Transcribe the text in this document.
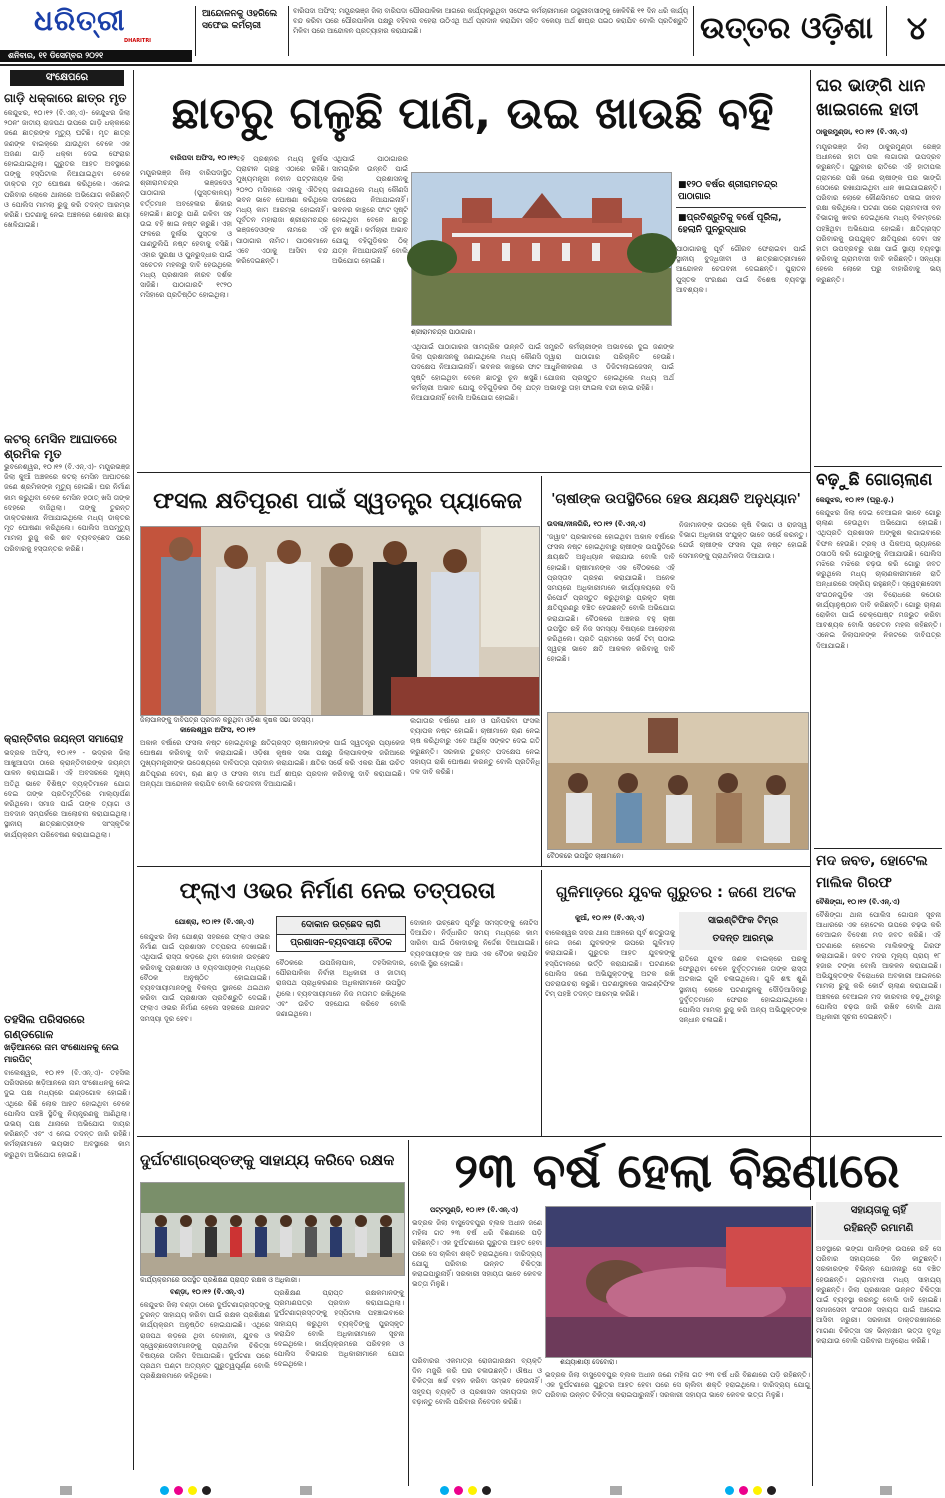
ଧରିତ୍ରୀ
DHARITRI
ଶନିବାର, ୧୧ ଡିସେମ୍ବର ୨୦୨୧
ଆନ୍ଦୋଳନକୁ ଓହରିଲେ ସଫେଇ କର୍ମଚାରୀ
ବାରିପଦା ଅଫିସ୍: ମୟୂରଭଞ୍ଜ ଜିଲା ବାରିପଦା ପୌରପାଳିକା ଆଗରେ କାର୍ଯ୍ୟକରୁଥିବା ସଫେଇ କର୍ମଚାରୀମାନେ ଉଜୁରୀବାସୀଙ୍କୁ ଖେଳିବିଛି ୧୧ ଦିନ ଧରି କାର୍ଯ୍ୟ ବନ୍ଦ କରିବା ପରେ ପୌରପାଳିକା ପକ୍ଷରୁ ବହିବାର ବହେରା ଉଠିଏଥି ଅର୍ଥ ପ୍ରଦାନ କରାଯିବା ସହିତ ବକେୟା ଅର୍ଥ ଶୀଘ୍ର ପଇଠ କରାଯିବ ବୋଲି ପ୍ରତିଶ୍ରୁତି ମିଳିବା ପରେ ଆନ୍ଦୋଳନ ପ୍ରତ୍ୟାହାର କରାଯାଇଛି।	ଉତ୍ତର ଓଡ଼ିଶା	୪
ସଂକ୍ଷେପରେ
ଗାଡ଼ି ଧକ୍କାରେ ଛାତ୍ର ମୃତ
କେନ୍ଦୁଝର, ୧୦।୧୨ (ବି.ଏନ୍.ଏ)- କେନ୍ଦୁଝର ଜିଲା ୨୦ନଂ ଜାତୀୟ ରାଜପଥ ଉପରେ ଗାଡ଼ି ଧକ୍କାରେ ଜଣେ ଛାତ୍ରଙ୍କ ମୃତ୍ୟୁ ଘଟିଛି। ମୃତ ଛାତ୍ର ଜଣଙ୍କ ବାଇକ୍‌ରେ ଯାଉଥିବା ବେଳେ ଏକ ଅଜଣା ଗାଡ଼ି ଧକ୍କା ଦେଇ ଫେରାର ହୋଇଯାଇଥିଲା। ଗୁରୁତର ଆହତ ଅବସ୍ଥାରେ ତାଙ୍କୁ ହସ୍ପିଟାଲ ନିଆଯାଇଥିବା ବେଳେ ଡାକ୍ତର ମୃତ ଘୋଷଣା କରିଥିଲେ। ଏନେଇ ପରିବାର ଲୋକେ ଥାନାରେ ଅଭିଯୋଗ କରିଛନ୍ତି ଓ ପୋଲିସ ମାମଲା ରୁଜୁ କରି ତଦନ୍ତ ଆରମ୍ଭ କରିଛି। ଘଟଣାକୁ ନେଇ ଅଞ୍ଚଳରେ ଶୋକର ଛାୟା ଖେଳିଯାଇଛି।
କଟର୍ ମେସିନ ଆଘାତରେ ଶ୍ରମିକ ମୃତ
ଭୁବନେଶ୍ୱର, ୧୦।୧୨ (ବି.ଏନ୍.ଏ)- ମୟୂରଭଞ୍ଜ ଜିଲା କୁଆଁ ଅଞ୍ଚଳରେ କଟର୍ ମେସିନ ଆଘାତରେ ଜଣେ ଶ୍ରମିକଙ୍କ ମୃତ୍ୟୁ ହୋଇଛି। ଘର ନିର୍ମାଣ କାମ କରୁଥିବା ବେଳେ ମେସିନ ହଠାତ୍ ଖସି ତାଙ୍କ ଦେହରେ ବାଜିଥିଲା। ତାଙ୍କୁ ତୁରନ୍ତ ଡାକ୍ତରଖାନା ନିଆଯାଇଥିଲେ ମଧ୍ୟ ଡାକ୍ତର ମୃତ ଘୋଷଣା କରିଥିଲେ। ପୋଲିସ ଅପମୃତ୍ୟୁ ମାମଲା ରୁଜୁ କରି ଶବ ବ୍ୟବଚ୍ଛେଦ ପରେ ପରିବାରକୁ ହସ୍ତାନ୍ତର କରିଛି।
କ୍ରାନ୍ତିବୀର ଜୟନ୍ତୀ ସମାରୋହ
ଭଦ୍ରକ ଅଫିସ୍, ୧୦।୧୨ - ଭଦ୍ରକ ଜିଲା ଆଖୁଆପଦା ଠାରେ କ୍ରାନ୍ତିବୀରଙ୍କ ଜୟନ୍ତୀ ପାଳନ କରାଯାଇଛି। ଏହି ଅବସରରେ ମୁଖ୍ୟ ଅତିଥି ଭାବେ ବିଶିଷ୍ଟ ବ୍ୟକ୍ତିମାନେ ଯୋଗ ଦେଇ ତାଙ୍କ ପ୍ରତିମୂର୍ତ୍ତିରେ ମାଲ୍ୟାର୍ପଣ କରିଥିଲେ। ସମାଜ ପାଇଁ ତାଙ୍କ ତ୍ୟାଗ ଓ ଅବଦାନ ସମ୍ପର୍କରେ ଆଲୋଚନା କରାଯାଇଥିଲା। ସ୍ଥାନୀୟ ଛାତ୍ରଛାତ୍ରୀଙ୍କ ସାଂସ୍କୃତିକ କାର୍ଯ୍ୟକ୍ରମ ପରିବେଷଣ କରାଯାଇଥିଲା।
ତହସିଲ ପରିସରରେ ଗଣ୍ଡଗୋଳ
ଖଡ଼ିଆନରେ ନାମ ସଂଶୋଧନକୁ ନେଇ ମାରପିଟ୍
ବାଲେଶ୍ୱର, ୧୦।୧୨ (ବି.ଏନ୍.ଏ)- ତହସିଲ ପରିସରରେ ଖଡ଼ିଆନରେ ନାମ ସଂଶୋଧନକୁ ନେଇ ଦୁଇ ପକ୍ଷ ମଧ୍ୟରେ ଗଣ୍ଡଗୋଳ ହୋଇଛି। ଏଥିରେ କିଛି ଲୋକ ଆହତ ହୋଇଥିବା ବେଳେ ପୋଲିସ ପହଞ୍ଚି ସ୍ଥିତିକୁ ନିୟନ୍ତ୍ରଣକୁ ଆଣିଥିଲା। ଉଭୟ ପକ୍ଷ ଥାନାରେ ଅଭିଯୋଗ ଦାୟର କରିଛନ୍ତି ଏବଂ ଏ ନେଇ ତଦନ୍ତ ଜାରି ରହିଛି। କର୍ମଚାରୀମାନେ ଭୟଭୀତ ଅବସ୍ଥାରେ କାମ କରୁଥିବା ଅଭିଯୋଗ ହୋଇଛି।
ଛାତରୁ ଗଳୁଛି ପାଣି, ଉଇ ଖାଉଛି ବହି
ବାରିପଦା ଅଫିସ, ୧୦।୧୨
ମୟୂରଭଞ୍ଜ ଜିଲା ବାରିପଦାସ୍ଥିତ ଶ୍ରୀରାମଚନ୍ଦ୍ର ଭଞ୍ଜଦେଓ ପାଠାଗାର (ପୁସ୍ତକାଳୟ) ବର୍ତ୍ତମାନ ଅବହେଳାର ଶିକାର ହୋଇଛି। ଛାତରୁ ପାଣି ଗଳିବା ସହ ଉଇ ବହି ଖାଇ ନଷ୍ଟ କରୁଛି। ଏହା ଫଳରେ ଦୁର୍ଲଭ ପୁସ୍ତକ ଓ ପାଣ୍ଡୁଲିପି ନଷ୍ଟ ହେବାକୁ ବସିଛି। ଏହାର ସୁରକ୍ଷା ଓ ପୁନରୁଦ୍ଧାର ପାଇଁ ସଚେତନ ମହଲରୁ ଦାବି ହେଉଥିଲେ ମଧ୍ୟ ପ୍ରଶାସନ ନୀରବ ଦର୍ଶକ ସାଜିଛି। ପାଠାଗାରଟି ୧୯୨୦ ମସିହାରେ ପ୍ରତିଷ୍ଠିତ ହୋଇଥିଲା।
ବହି ପ୍ରଶ୍ନର ମଧ୍ୟ ଦୁର୍ଲଭ ପ୍ରାଚୀନ ଗ୍ରନ୍ଥ ଏଠାରେ ରହିଛି। ମୁଖ୍ୟମନ୍ତ୍ରୀ ନବୀନ ପଟ୍ଟନାୟକ ୨୦୨୦ ମସିହାରେ ଏହାକୁ ଐତିହ୍ୟ ଭବନ ଭାବେ ଘୋଷଣା କରିଥିଲେ ମଧ୍ୟ କାମ ଆରମ୍ଭ ହୋଇନାହିଁ। ପୂର୍ବତନ ମହାରାଜା ଶ୍ରୀରାମଚନ୍ଦ୍ର ଭଞ୍ଜଦେଓଙ୍କ ନାମରେ ଏହି ପାଠାଗାର ନାମିତ। ପାଠକମାନେ ଏବେ ଏଠାକୁ ଆସିବା ବନ୍ଦ କରିଦେଇଛନ୍ତି।
ଏଥିପାଇଁ ପାଠାଗାରର ସାମଗ୍ରିକ ଉନ୍ନତି ପାଇଁ ଜିଲା ପ୍ରଶାସନକୁ ଜଣାଇଥିଲେ ମଧ୍ୟ କୌଣସି ପଦକ୍ଷେପ ନିଆଯାଇନାହିଁ। ଭବନର କାନ୍ଥରେ ଫାଟ ସୃଷ୍ଟି ହୋଇଥିବା ବେଳେ ଛାତରୁ ଚୂନ ଖସୁଛି। କର୍ମଚାରୀ ଅଭାବ ଯୋଗୁ ବହିଗୁଡ଼ିକର ଠିକ୍ ଯତ୍ନ ନିଆଯାଉନାହିଁ ବୋଲି ଅଭିଯୋଗ ହୋଇଛି।
ଶ୍ରୀରାମଚନ୍ଦ୍ର ପାଠାଗାର।
■୧୨୦ ବର୍ଷର ଶ୍ରୀରାମଚନ୍ଦ୍ର ପାଠାଗାର
■ପ୍ରତିଶ୍ରୁତିକୁ ବର୍ଷେ ପୂରିଲା, ହେଲାନି ପୁନରୁଦ୍ଧାର
ସମ୍ପ୍ରତି କର୍ମଚାରୀଙ୍କ ଅଭାବରେ ଦୁଇ ଜଣଙ୍କ ଦ୍ୱାରା ପାଠାଗାର ପରିଚାଳିତ ହେଉଛି। ଆଧୁନିକୀକରଣ ଓ ଡିଜିଟାଲାଇଜେସନ୍ ପାଇଁ ଯୋଜନା ପ୍ରସ୍ତୁତ ହୋଇଥିଲେ ମଧ୍ୟ ଅର୍ଥ ଅଭାବରୁ ତାହା ଫାଇଲ ବନ୍ଦୀ ହୋଇ ରହିଛି।
ପାଠାଗାରକୁ ପୂର୍ବ ଗୌରବ ଫେରାଇବା ପାଇଁ ସ୍ଥାନୀୟ ବୁଦ୍ଧିଜୀବୀ ଓ ଛାତ୍ରଛାତ୍ରୀମାନେ ଆନ୍ଦୋଳନ ଚେତାବନୀ ଦେଇଛନ୍ତି। ପୁରାତନ ପୁସ୍ତକ ସଂରକ୍ଷଣ ପାଇଁ ବିଶେଷ ବ୍ୟବସ୍ଥା ଆବଶ୍ୟକ।
ଏଥିପାଇଁ ପାଠାଗାରର ସାମଗ୍ରିକ ଉନ୍ନତି ପାଇଁ ଜିଲା ପ୍ରଶାସନକୁ ଜଣାଇଥିଲେ ମଧ୍ୟ କୌଣସି ପଦକ୍ଷେପ ନିଆଯାଇନାହିଁ। ଭବନର କାନ୍ଥରେ ଫାଟ ସୃଷ୍ଟି ହୋଇଥିବା ବେଳେ ଛାତରୁ ଚୂନ ଖସୁଛି। କର୍ମଚାରୀ ଅଭାବ ଯୋଗୁ ବହିଗୁଡ଼ିକର ଠିକ୍ ଯତ୍ନ ନିଆଯାଉନାହିଁ ବୋଲି ଅଭିଯୋଗ ହୋଇଛି।
ଘର ଭାଙ୍ଗି ଧାନ ଖାଇଗଲେ ହାତୀ
ଠାକୁରମୁଣ୍ଡା, ୧୦।୧୨ (ବି.ଏନ୍.ଏ)
ମୟୂରଭଞ୍ଜ ଜିଲା ଠାକୁରମୁଣ୍ଡା ରେଞ୍ଜ ଅଧୀନରେ ହାତୀ ପଲ ଲଗାତାର ଉପଦ୍ରବ କରୁଛନ୍ତି। ଗୁରୁବାର ରାତିରେ ଏହି ହାତୀପଲ ଗ୍ରାମରେ ପଶି ଜଣେ ଚାଷୀଙ୍କ ଘର ଭାଙ୍ଗି ସେଠାରେ ରଖାଯାଇଥିବା ଧାନ ଖାଇଯାଇଛନ୍ତି। ପରିବାର ଲୋକେ କୌଣସିମତେ ପଳାଇ ଜୀବନ ରକ୍ଷା କରିଥିଲେ। ଘଟଣା ପରେ ଗ୍ରାମବାସୀ ବନ ବିଭାଗକୁ ଖବର ଦେଇଥିଲେ ମଧ୍ୟ ବିଳମ୍ବରେ ପହଞ୍ଚିଥିବା ଅଭିଯୋଗ ହୋଇଛି। କ୍ଷତିଗ୍ରସ୍ତ ପରିବାରକୁ ଉପଯୁକ୍ତ କ୍ଷତିପୂରଣ ଦେବା ସହ ହାତୀ ଉପଦ୍ରବରୁ ରକ୍ଷା ପାଇଁ ସ୍ଥାୟୀ ବ୍ୟବସ୍ଥା କରିବାକୁ ଗ୍ରାମବାସୀ ଦାବି କରିଛନ୍ତି। ସନ୍ଧ୍ୟା ହେଲେ ଲୋକେ ଘରୁ ବାହାରିବାକୁ ଭୟ କରୁଛନ୍ତି।
ବଢ଼ୁଛି ଗୋଚାଲାଣ
କେନ୍ଦୁଝର, ୧୦।୧୨ (ଘ୍ରୂ.ନୁ.)
କେନ୍ଦୁଝର ଜିଲା ଦେଇ ବେଆଇନ ଭାବେ ଗୋରୁ ଚାଲାଣ ହେଉଥିବା ଅଭିଯୋଗ ହୋଇଛି। ଏଥିପ୍ରତି ପ୍ରଶାସନ ଅଙ୍କୁଶ ଲଗାଇବାରେ ବିଫଳ ହେଉଛି। ଟ୍ରକ୍ ଓ ପିକଅପ୍ ଭ୍ୟାନରେ ଠସାଠସି କରି ଗୋରୁଙ୍କୁ ନିଆଯାଉଛି। ପୋଲିସ ମଝିରେ ମଝିରେ ଚଢ଼ଉ କରି ଗୋରୁ ଜବତ କରୁଥିଲେ ମଧ୍ୟ ଚାଲାଣକାରୀମାନେ ରାତି ଅନ୍ଧାରରେ ସକ୍ରିୟ ରହୁଛନ୍ତି। ସ୍ୱେଚ୍ଛାସେବୀ ସଂଗଠନଗୁଡ଼ିକ ଏହା ବିରୋଧରେ କଠୋର କାର୍ଯ୍ୟାନୁଷ୍ଠାନ ଦାବି କରିଛନ୍ତି। ଗୋରୁ ଚାଲାଣ ରୋକିବା ପାଇଁ ଚେକ୍‌ପୋଷ୍ଟ ମଜଭୁତ କରିବା ଆବଶ୍ୟକ ବୋଲି ସଚେତନ ମହଲ କହିଛନ୍ତି। ଏନେଇ ଜିଲାପାଳଙ୍କ ନିକଟରେ ଦାବିପତ୍ର ଦିଆଯାଇଛି।
ମଦ ଜବତ, ହୋଟେଲ ମାଲିକ ଗିରଫ
ବୈଶିଙ୍ଗା, ୧୦।୧୨ (ବି.ଏନ୍.ଏ)
ବୈଶିଙ୍ଗା ଥାନା ପୋଲିସ ଗୋପନ ସୂଚନା ଆଧାରରେ ଏକ ହୋଟେଲ ଉପରେ ଚଢ଼ଉ କରି ବେଆଇନ ବିଦେଶୀ ମଦ ଜବତ କରିଛି। ଏହି ଘଟଣାରେ ହୋଟେଲ ମାଲିକଙ୍କୁ ଗିରଫ କରାଯାଇଛି। ଜବତ ମଦର ମୂଲ୍ୟ ପ୍ରାୟ ୧୮ ହଜାର ଟଙ୍କା ବୋଲି ଆକଳନ କରାଯାଇଛି। ଅଭିଯୁକ୍ତଙ୍କ ବିରୋଧରେ ଅବକାରୀ ଆଇନରେ ମାମଲା ରୁଜୁ କରି କୋର୍ଟ ଚାଲାଣ କରାଯାଇଛି। ଅଞ୍ଚଳରେ ବେଆଇନ ମଦ କାରବାର ବଢ଼ୁଥିବାରୁ ପୋଲିସ ଚଢ଼ଉ ଜାରି ରଖିବ ବୋଲି ଥାନା ଅଧିକାରୀ ସୂଚନା ଦେଇଛନ୍ତି।
ଫସଲ କ୍ଷତିପୂରଣ ପାଇଁ ସ୍ୱତନ୍ତ୍ର ପ୍ୟାକେଜ
ଜିଲାପାଳଙ୍କୁ ଦାବିପତ୍ର ପ୍ରଦାନ କରୁଥିବା ଓଡ଼ିଶା କୃଷକ ସଭା ସଦସ୍ୟ।
କାଲେଶ୍ୱର ଅଫିସ, ୧୦।୧୨
ଅକାଳ ବର୍ଷାରେ ଫସଲ ନଷ୍ଟ ହୋଇଥିବାରୁ କ୍ଷତିଗ୍ରସ୍ତ ଚାଷୀମାନଙ୍କ ପାଇଁ ସ୍ୱତନ୍ତ୍ର ପ୍ୟାକେଜ ଘୋଷଣା କରିବାକୁ ଦାବି କରାଯାଇଛି। ଓଡ଼ିଶା କୃଷକ ସଭା ପକ୍ଷରୁ ଜିଲାପାଳଙ୍କ ଜରିଆରେ ମୁଖ୍ୟମନ୍ତ୍ରୀଙ୍କ ଉଦ୍ଦେଶ୍ୟରେ ଦାବିପତ୍ର ପ୍ରଦାନ କରାଯାଇଛି। କ୍ଷତିର ସର୍ଭେ କରି ଏକର ପିଛା ଉଚିତ କ୍ଷତିପୂରଣ ଦେବା, ଋଣ ଛାଡ଼ ଓ ଫସଲ ବୀମା ଅର୍ଥ ଶୀଘ୍ର ପ୍ରଦାନ କରିବାକୁ ଦାବି କରାଯାଇଛି। ଅନ୍ୟଥା ଆନ୍ଦୋଳନ କରାଯିବ ବୋଲି ଚେତାବନୀ ଦିଆଯାଇଛି।
ଲଗାତାର ବର୍ଷାରେ ଧାନ ଓ ପନିପରିବା ଫସଲ ବ୍ୟାପକ ନଷ୍ଟ ହୋଇଛି। ଚାଷୀମାନେ ଋଣ ନେଇ ଚାଷ କରିଥିବାରୁ ଏବେ ଆର୍ଥିକ ସଙ୍କଟ ଦେଇ ଗତି କରୁଛନ୍ତି। ସରକାର ତୁରନ୍ତ ପଦକ୍ଷେପ ନେଇ ସହାୟତା ରାଶି ଘୋଷଣା କରନ୍ତୁ ବୋଲି ପ୍ରତିନିଧି ଦଳ ଦାବି କରିଛି।
'ଚାଷୀଙ୍କ ଉପସ୍ଥିତିରେ ହେଉ କ୍ଷୟକ୍ଷତି ଅନୁଧ୍ୟାନ'
ଉଦଳା/ନୀଳଗିରି, ୧୦।୧୨ (ବି.ଏନ୍.ଏ)
'ଜୱାଦ' ପ୍ରଭାବରେ ହୋଇଥିବା ଅକାଳ ବର୍ଷାରେ ଫସଲ ନଷ୍ଟ ହୋଇଥିବାରୁ ଚାଷୀଙ୍କ ଉପସ୍ଥିତିରେ କ୍ଷୟକ୍ଷତି ଅନୁଧ୍ୟାନ କରାଯାଉ ବୋଲି ଦାବି ହୋଇଛି। ଚାଷୀମାନଙ୍କ ଏକ ବୈଠକରେ ଏହି ପ୍ରସ୍ତାବ ଗ୍ରହଣ କରାଯାଇଛି। ଅନେକ ସମୟରେ ଅଧିକାରୀମାନେ କାର୍ଯ୍ୟାଳୟରେ ବସି ରିପୋର୍ଟ ପ୍ରସ୍ତୁତ କରୁଥିବାରୁ ପ୍ରକୃତ ଚାଷୀ କ୍ଷତିପୂରଣରୁ ବଞ୍ଚିତ ହେଉଛନ୍ତି ବୋଲି ଅଭିଯୋଗ କରାଯାଇଛି। ବୈଠକରେ ଅଞ୍ଚଳର ବହୁ ଚାଷୀ ଉପସ୍ଥିତ ରହି ନିଜ ସମସ୍ୟା ବିଷୟରେ ଆଲୋଚନା କରିଥିଲେ। ପ୍ରତି ଗ୍ରାମରେ ସର୍ଭେ ଟିମ୍ ପଠାଇ ସ୍ୱଚ୍ଛ ଭାବେ କ୍ଷତି ଆକଳନ କରିବାକୁ ଦାବି ହୋଇଛି।
ନିଜାମାନଙ୍କ ଉପରେ କୃଷି ବିଭାଗ ଓ ରାଜସ୍ୱ ବିଭାଗ ଅଧିକାରୀ ସଂଯୁକ୍ତ ଭାବେ ସର୍ଭେ କରନ୍ତୁ। ଯେଉଁ ଚାଷୀଙ୍କ ଫସଲ ପୂରା ନଷ୍ଟ ହୋଇଛି ସେମାନଙ୍କୁ ପ୍ରାଥମିକତା ଦିଆଯାଉ।
ବୈଠକରେ ଉପସ୍ଥିତ ଚାଷୀମାନେ।
ଫ୍ଲାଏ ଓଭର ନିର୍ମାଣ ନେଇ ତତ୍ପରତା
ଯୋଶ୍ରା, ୧୦।୧୨ (ବି.ଏନ୍.ଏ)	ଦୋକାନ ଉଚ୍ଛେଦ ଲାଗି
ପ୍ରଶାସନ-ବ୍ୟବସାୟୀ ବୈଠକ
କେନ୍ଦୁଝର ଜିଲା ଯୋଶ୍ରା ସହରରେ ଫ୍ଲାଏ ଓଭର ନିର୍ମାଣ ପାଇଁ ପ୍ରଶାସନ ତତ୍ପରତା ଦେଖାଇଛି। ଏଥିପାଇଁ ରାସ୍ତା କଡ଼ରେ ଥିବା ଦୋକାନ ଉଚ୍ଛେଦ କରିବାକୁ ପ୍ରଶାସନ ଓ ବ୍ୟବସାୟୀଙ୍କ ମଧ୍ୟରେ ବୈଠକ ଅନୁଷ୍ଠିତ ହୋଇଯାଇଛି। ବ୍ୟବସାୟୀମାନଙ୍କୁ ବିକଳ୍ପ ସ୍ଥାନରେ ଥଇଥାନ କରିବା ପାଇଁ ପ୍ରଶାସନ ପ୍ରତିଶ୍ରୁତି ଦେଇଛି। ଫ୍ଲାଏ ଓଭର ନିର୍ମାଣ ହେଲେ ସହରରେ ଯାନଜଟ ସମସ୍ୟା ଦୂର ହେବ।
ବୈଠକରେ ଉପଜିଲାପାଳ, ତହସିଲଦାର, ପୌରପାଳିକା ନିର୍ବାହୀ ଅଧିକାରୀ ଓ ଜାତୀୟ ରାଜପଥ ପ୍ରାଧିକରଣର ଅଧିକାରୀମାନେ ଉପସ୍ଥିତ ଥିଲେ। ବ୍ୟବସାୟୀମାନେ ନିଜ ମତାମତ ରଖିଥିଲେ ଏବଂ ଉଚିତ ସହଯୋଗ କରିବେ ବୋଲି ଜଣାଇଥିଲେ।
ଦୋକାନ ଉଚ୍ଛେଦ ପୂର୍ବରୁ ସମସ୍ତଙ୍କୁ ନୋଟିସ ଦିଆଯିବ। ନିର୍ଦ୍ଧାରିତ ସମୟ ମଧ୍ୟରେ କାମ ସାରିବା ପାଇଁ ଠିକାଦାରକୁ ନିର୍ଦ୍ଦେଶ ଦିଆଯାଇଛି। ବ୍ୟବସାୟୀଙ୍କ ସହ ଆଉ ଏକ ବୈଠକ କରାଯିବ ବୋଲି ସ୍ଥିର ହୋଇଛି।
ଗୁଳିମାଡ଼ରେ ଯୁବକ ଗୁରୁତର : ଜଣେ ଅଟକ
କୁଆଁ, ୧୦।୧୨ (ବି.ଏନ୍.ଏ)	ସାଇଣ୍ଟିଫିକ ଟିମ୍‌ର
ତଦନ୍ତ ଆରମ୍ଭ
ବାଲେଶ୍ୱର ସଦର ଥାନା ଅଞ୍ଚଳରେ ପୂର୍ବ ଶତ୍ରୁତାକୁ ନେଇ ଜଣେ ଯୁବକଙ୍କ ଉପରେ ଗୁଳିମାଡ଼ କରାଯାଇଛି। ଗୁରୁତର ଆହତ ଯୁବକଙ୍କୁ ହସ୍ପିଟାଲରେ ଭର୍ତ୍ତି କରାଯାଇଛି। ଘଟଣାରେ ପୋଲିସ ଜଣେ ଅଭିଯୁକ୍ତଙ୍କୁ ଅଟକ ରଖି ପଚରାଉଚରା କରୁଛି। ଘଟଣାସ୍ଥଳରେ ସାଇଣ୍ଟିଫିକ ଟିମ୍ ପହଞ୍ଚି ତଦନ୍ତ ଆରମ୍ଭ କରିଛି।
ରାତିରେ ଯୁବକ ଜଣକ ବାଇକ୍‌ରେ ଘରକୁ ଫେରୁଥିବା ବେଳେ ଦୁର୍ବୃତ୍ତମାନେ ତାଙ୍କ ରାସ୍ତା ଅଟକାଇ ଗୁଳି ଚଳାଇଥିଲେ। ଗୁଳି ଶବ୍ଦ ଶୁଣି ସ୍ଥାନୀୟ ଲୋକେ ଘଟଣାସ୍ଥଳକୁ ଦୌଡ଼ିଆସିବାରୁ ଦୁର୍ବୃତ୍ତମାନେ ଫେରାର ହୋଇଯାଇଥିଲେ। ପୋଲିସ ମାମଲା ରୁଜୁ କରି ଅନ୍ୟ ଅଭିଯୁକ୍ତଙ୍କ ସନ୍ଧାନ ଚଳାଇଛି।
ଦୁର୍ଘଟଣାଗ୍ରସ୍ତଙ୍କୁ ସାହାଯ୍ୟ କରିବେ ରକ୍ଷକ
କାର୍ଯ୍ୟକ୍ରମରେ ଉପସ୍ଥିତ ପ୍ରଶିକ୍ଷଣ ପ୍ରାପ୍ତ ରକ୍ଷକ ଓ ଅଧିକାରୀ।
ବଣ୍ଡ଼ା, ୧୦।୧୨ (ବି.ଏନ୍.ଏ)
କେନ୍ଦୁଝର ଜିଲା ବଣ୍ଡ଼ା ଠାରେ ଦୁର୍ଘଟଣାଗ୍ରସ୍ତଙ୍କୁ ତୁରନ୍ତ ସାହାଯ୍ୟ କରିବା ପାଇଁ ରକ୍ଷକ ପ୍ରଶିକ୍ଷଣ କାର୍ଯ୍ୟକ୍ରମ ଅନୁଷ୍ଠିତ ହୋଇଯାଇଛି। ଏଥିରେ ରାଜପଥ କଡ଼ରେ ଥିବା ଦୋକାନୀ, ଯୁବକ ଓ ସ୍ୱେଚ୍ଛାସେବୀମାନଙ୍କୁ ପ୍ରାଥମିକ ଚିକିତ୍ସା ବିଷୟରେ ତାଲିମ ଦିଆଯାଇଛି। ଦୁର୍ଘଟଣା ପରେ ପ୍ରଥମ ଘଣ୍ଟା ଅତ୍ୟନ୍ତ ଗୁରୁତ୍ୱପୂର୍ଣ୍ଣ ବୋଲି ପ୍ରଶିକ୍ଷକମାନେ କହିଥିଲେ।
ପ୍ରଶିକ୍ଷଣ ପ୍ରାପ୍ତ ରକ୍ଷକମାନଙ୍କୁ ପ୍ରମାଣପତ୍ର ପ୍ରଦାନ କରାଯାଇଥିଲା। ଦୁର୍ଘଟଣାଗ୍ରସ୍ତଙ୍କୁ ହସ୍ପିଟାଲ ପହଞ୍ଚାଇବାରେ ସାହାଯ୍ୟ କରୁଥିବା ବ୍ୟକ୍ତିଙ୍କୁ ପୁରସ୍କୃତ କରାଯିବ ବୋଲି ଅଧିକାରୀମାନେ ସୂଚନା ଦେଇଥିଲେ। କାର୍ଯ୍ୟକ୍ରମରେ ପରିବହନ ଓ ପୋଲିସ ବିଭାଗର ଅଧିକାରୀମାନେ ଯୋଗ ଦେଇଥିଲେ।
୨୩ ବର୍ଷ ହେଲା ବିଛଣାରେ
ପଟ୍ଟମୁଣ୍ଡି, ୧୦।୧୨ (ବି.ଏନ୍.ଏ)
ଭଦ୍ରକ ଜିଲା ବାସୁଦେବପୁର ବ୍ଲକ ଅଧୀନ ଜଣେ ମହିଳା ଗତ ୨୩ ବର୍ଷ ଧରି ବିଛଣାରେ ପଡ଼ି ରହିଛନ୍ତି। ଏକ ଦୁର୍ଘଟଣାରେ ଗୁରୁତର ଆହତ ହେବା ପରେ ସେ ଚାଲିବା ଶକ୍ତି ହରାଇଥିଲେ। ଦାରିଦ୍ର୍ୟ ଯୋଗୁ ପରିବାର ଉନ୍ନତ ଚିକିତ୍ସା କରାଇପାରୁନାହିଁ। ସରକାରୀ ସହାୟତା ଭାବେ କେବଳ ଭତ୍ତା ମିଳୁଛି।
ଶଯ୍ୟାଶାୟୀ ଦେବୋରା।
ପରିବାରର ଏକମାତ୍ର ରୋଜଗାରକ୍ଷମ ବ୍ୟକ୍ତି ଦିନ ମଜୁରି କରି ଘର ଚଳାଉଛନ୍ତି। ଔଷଧ ଓ ଚିକିତ୍ସା ଖର୍ଚ୍ଚ ବହନ କରିବା ସମ୍ଭବ ହେଉନାହିଁ। ସହୃଦୟ ବ୍ୟକ୍ତି ଓ ପ୍ରଶାସନ ସହାୟତାର ହାତ ବଢ଼ାନ୍ତୁ ବୋଲି ପରିବାର ନିବେଦନ କରିଛି।
ଭଦ୍ରକ ଜିଲା ବାସୁଦେବପୁର ବ୍ଲକ ଅଧୀନ ଜଣେ ମହିଳା ଗତ ୨୩ ବର୍ଷ ଧରି ବିଛଣାରେ ପଡ଼ି ରହିଛନ୍ତି। ଏକ ଦୁର୍ଘଟଣାରେ ଗୁରୁତର ଆହତ ହେବା ପରେ ସେ ଚାଲିବା ଶକ୍ତି ହରାଇଥିଲେ। ଦାରିଦ୍ର୍ୟ ଯୋଗୁ ପରିବାର ଉନ୍ନତ ଚିକିତ୍ସା କରାଇପାରୁନାହିଁ। ସରକାରୀ ସହାୟତା ଭାବେ କେବଳ ଭତ୍ତା ମିଳୁଛି।
ସହାୟତାକୁ ଚାହିଁ
ରହିଛନ୍ତି ରମାମଣି
ଅବସ୍ଥାରେ ଭଙ୍ଗା ପାଲିଙ୍କ ଉପରେ ରହି ସେ ପରିବାର ସହାୟତାରେ ଦିନ କାଟୁଛନ୍ତି। ସରକାରଙ୍କ ବିଭିନ୍ନ ଯୋଜନାରୁ ସେ ବଞ୍ଚିତ ହେଉଛନ୍ତି। ଗ୍ରାମବାସୀ ମଧ୍ୟ ସାହାଯ୍ୟ କରୁଛନ୍ତି। ଜିଲା ପ୍ରଶାସନ ଉନ୍ନତ ଚିକିତ୍ସା ପାଇଁ ବ୍ୟବସ୍ଥା କରନ୍ତୁ ବୋଲି ଦାବି ହୋଇଛି। ସମାଜସେବୀ ସଂଗଠନ ସହାୟତା ପାଇଁ ଆଗେଇ ଆସିବା ଜରୁରୀ। ସରକାରୀ ଡାକ୍ତରଖାନାରେ ମାଗଣା ଚିକିତ୍ସା ସହ ଭିନ୍ନକ୍ଷମ ଭତ୍ତା ବୃଦ୍ଧି କରାଯାଉ ବୋଲି ପରିବାର ଅନୁରୋଧ କରିଛି।
